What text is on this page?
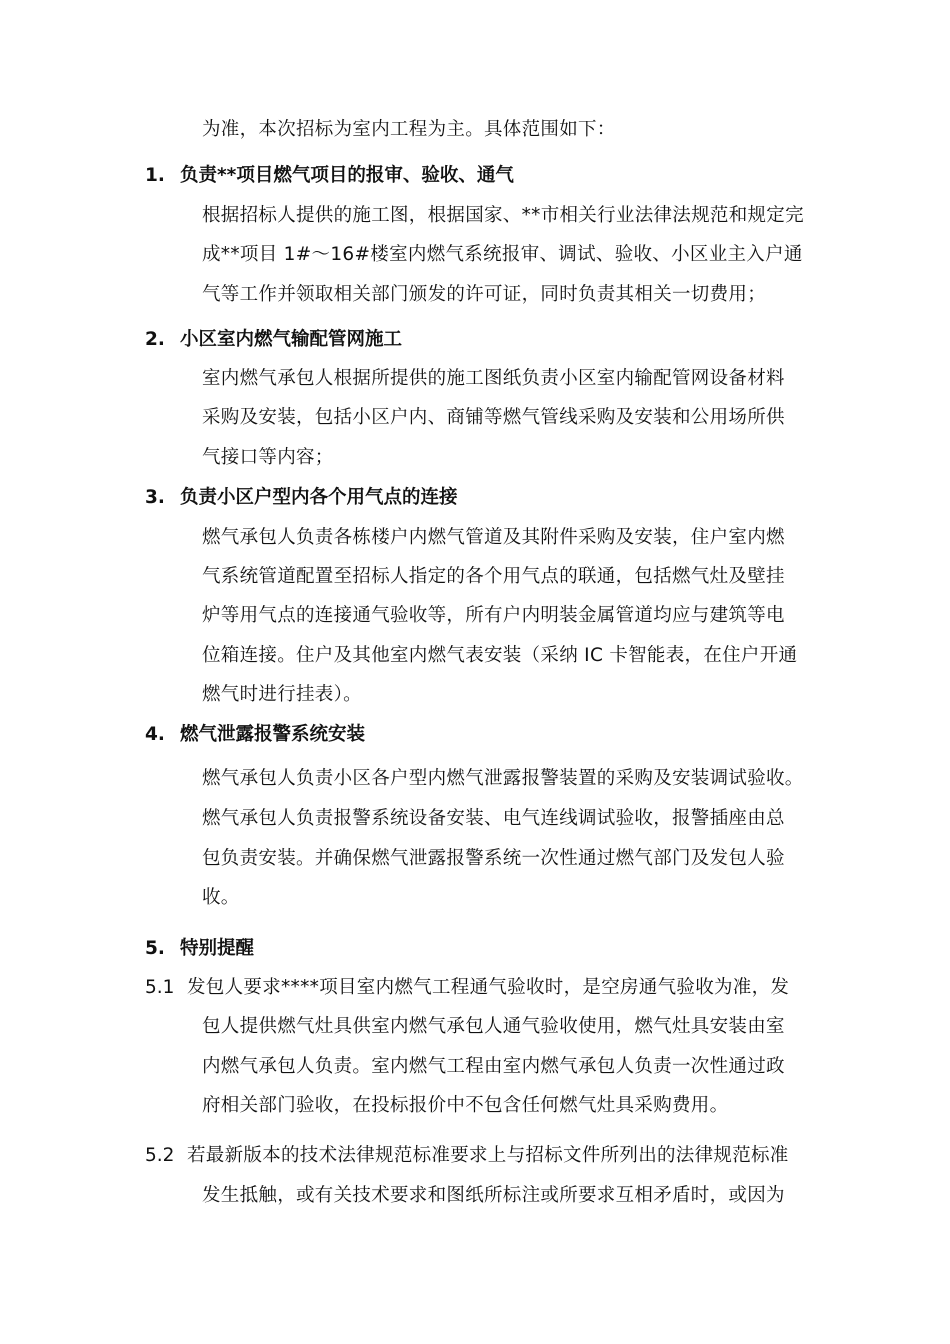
为准，本次招标为室内工程为主。具体范围如下：
1. 负责**项目燃气项目的报审、验收、通气
根据招标人提供的施工图，根据国家、**市相关行业法律法规范和规定完
成**项目 1#～16#楼室内燃气系统报审、调试、验收、小区业主入户通
气等工作并领取相关部门颁发的许可证，同时负责其相关一切费用；
2. 小区室内燃气输配管网施工
室内燃气承包人根据所提供的施工图纸负责小区室内输配管网设备材料
采购及安装，包括小区户内、商铺等燃气管线采购及安装和公用场所供
气接口等内容；
3. 负责小区户型内各个用气点的连接
燃气承包人负责各栋楼户内燃气管道及其附件采购及安装，住户室内燃
气系统管道配置至招标人指定的各个用气点的联通，包括燃气灶及壁挂
炉等用气点的连接通气验收等，所有户内明装金属管道均应与建筑等电
位箱连接。住户及其他室内燃气表安装（采纳 IC 卡智能表，在住户开通
燃气时进行挂表）。
4. 燃气泄露报警系统安装
燃气承包人负责小区各户型内燃气泄露报警装置的采购及安装调试验收。
燃气承包人负责报警系统设备安装、电气连线调试验收，报警插座由总
包负责安装。并确保燃气泄露报警系统一次性通过燃气部门及发包人验
收。
5. 特别提醒
5.1 发包人要求****项目室内燃气工程通气验收时，是空房通气验收为准，发
包人提供燃气灶具供室内燃气承包人通气验收使用，燃气灶具安装由室
内燃气承包人负责。室内燃气工程由室内燃气承包人负责一次性通过政
府相关部门验收，在投标报价中不包含任何燃气灶具采购费用。
5.2 若最新版本的技术法律规范标准要求上与招标文件所列出的法律规范标准
发生抵触，或有关技术要求和图纸所标注或所要求互相矛盾时，或因为
